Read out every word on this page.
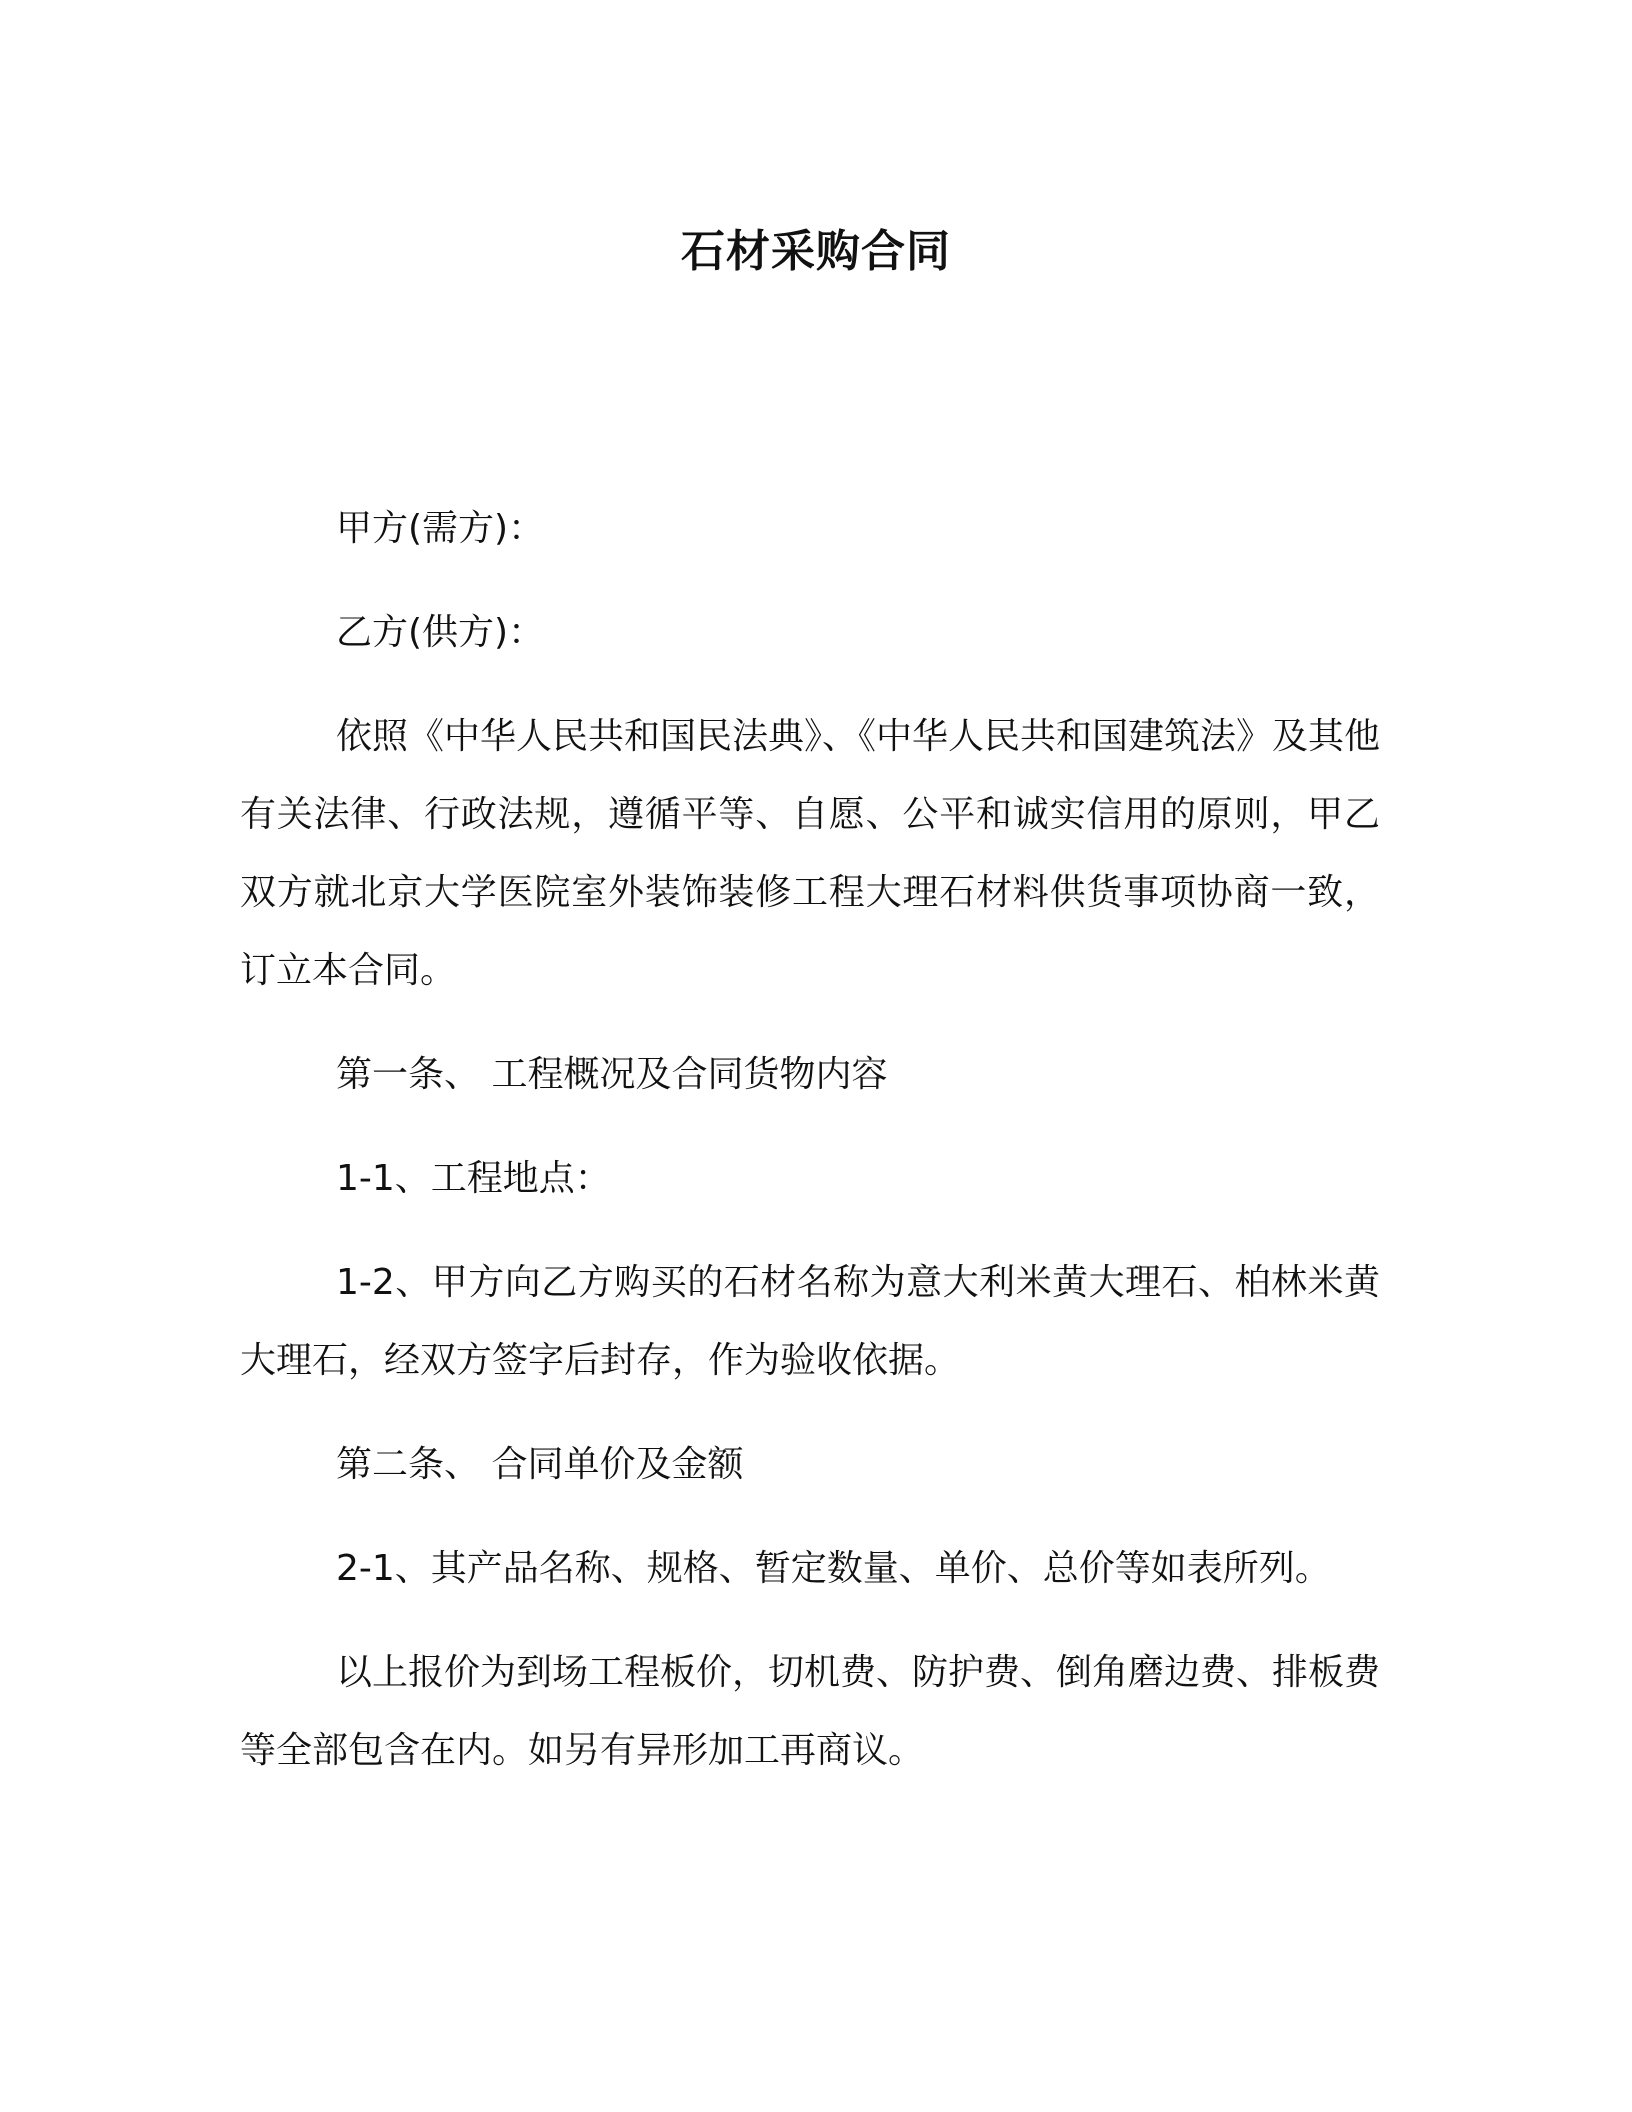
石材采购合同

甲方(需方)：

乙方(供方)：

依照《中华人民共和国民法典》、《中华人民共和国建筑法》及其他有关法律、行政法规，遵循平等、自愿、公平和诚实信用的原则，甲乙双方就北京大学医院室外装饰装修工程大理石材料供货事项协商一致，订立本合同。

第一条、 工程概况及合同货物内容

1-1、工程地点：

1-2、甲方向乙方购买的石材名称为意大利米黄大理石、柏林米黄大理石，经双方签字后封存，作为验收依据。

第二条、 合同单价及金额

2-1、其产品名称、规格、暂定数量、单价、总价等如表所列。

以上报价为到场工程板价，切机费、防护费、倒角磨边费、排板费等全部包含在内。如另有异形加工再商议。
